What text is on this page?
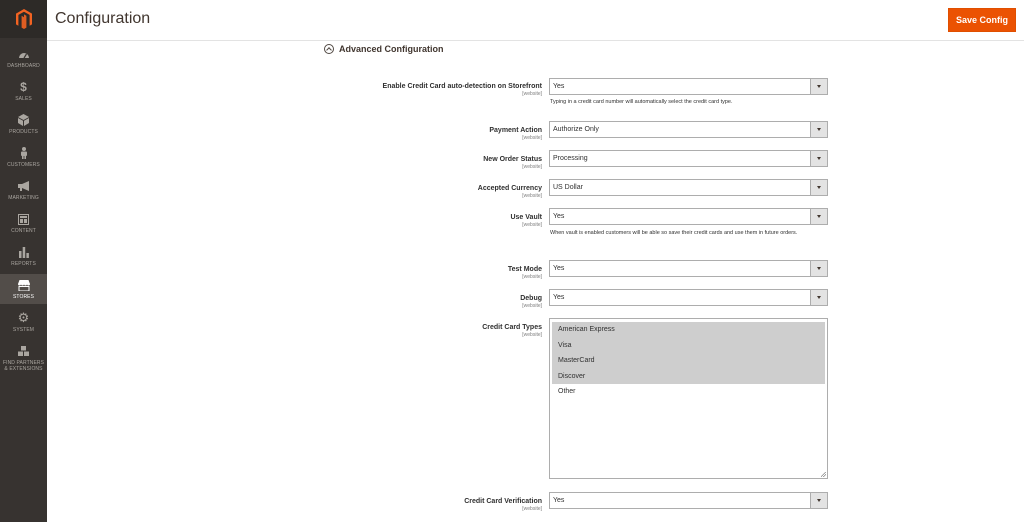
DASHBOARD
$
SALES
PRODUCTS
CUSTOMERS
MARKETING
CONTENT
REPORTS
STORES
⚙
SYSTEM
FIND PARTNERS
& EXTENSIONS
Configuration	Save Config
Advanced Configuration
Enable Credit Card auto-detection on Storefront
[website]
Yes
Typing in a credit card number will automatically select the credit card type.
Payment Action
[website]
Authorize Only
New Order Status
[website]
Processing
Accepted Currency
[website]
US Dollar
Use Vault
[website]
Yes
When vault is enabled customers will be able so save their credit cards and use them in future orders.
Test Mode
[website]
Yes
Debug
[website]
Yes
Credit Card Types
[website]
American Express
Visa
MasterCard
Discover
Other
Credit Card Verification
[website]
Yes
